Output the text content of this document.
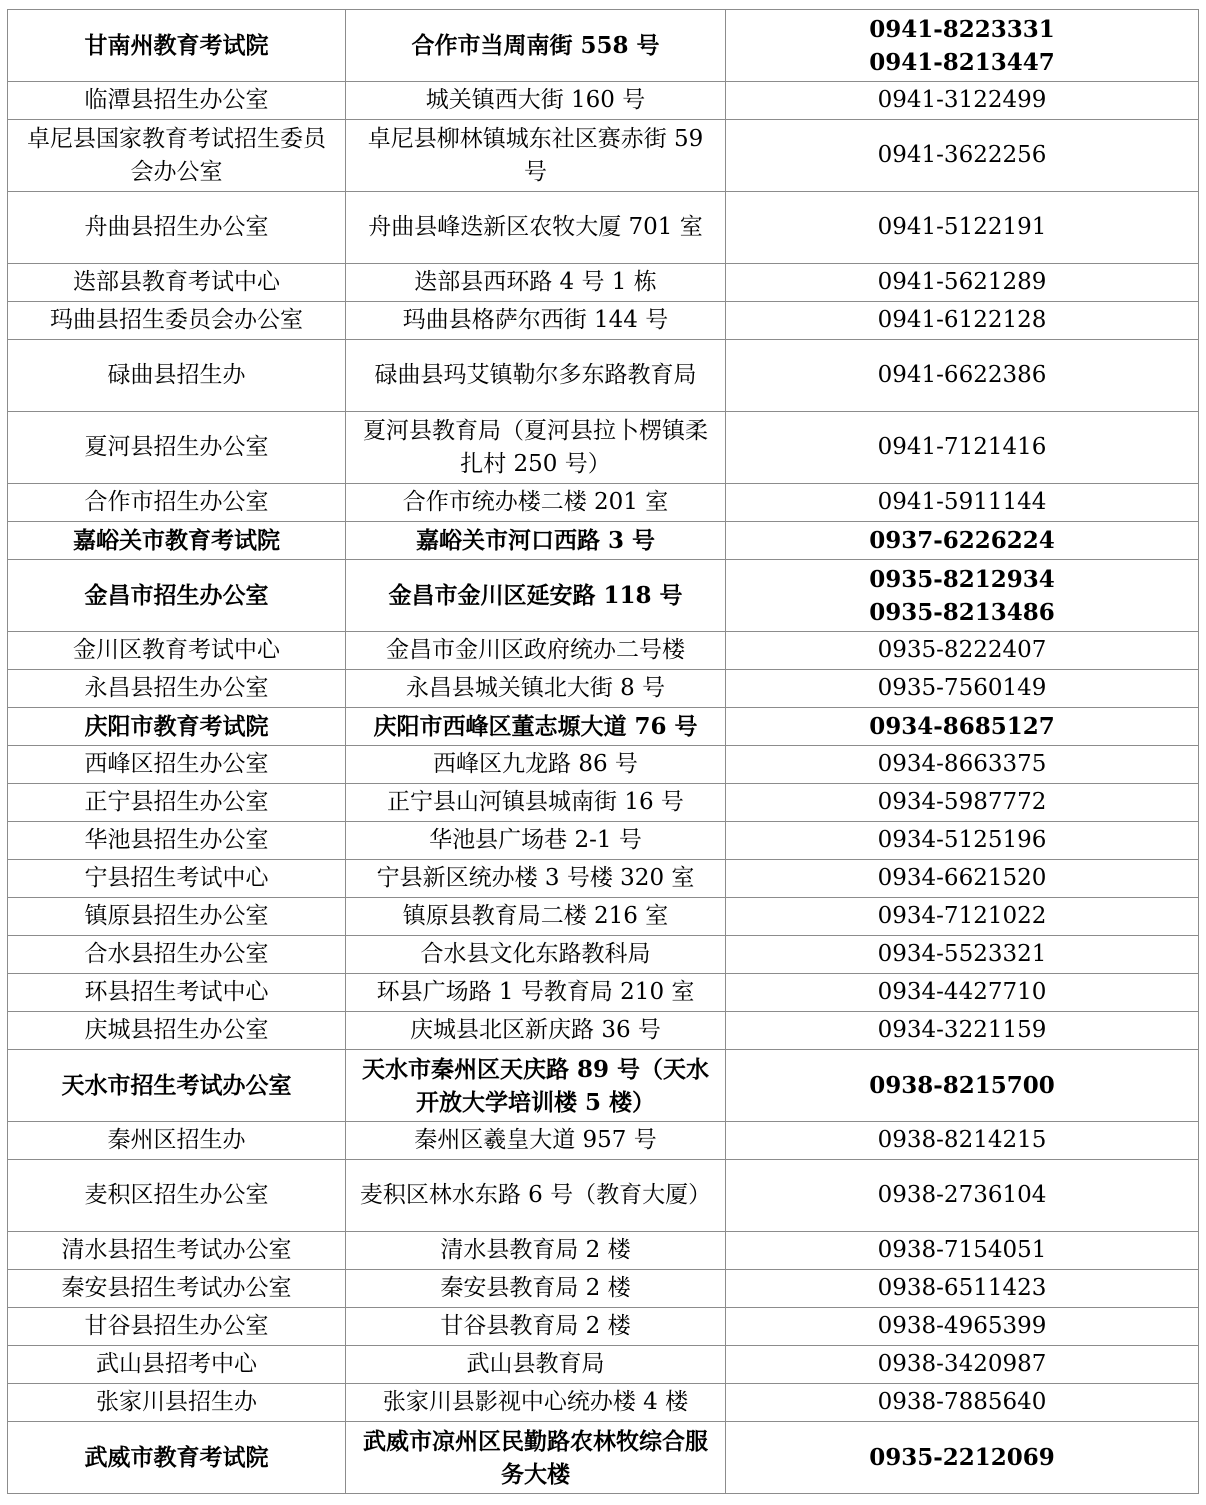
甘南州教育考试院	合作市当周南街 558 号	0941-8223331
0941-8213447

临潭县招生办公室	城关镇西大街 160 号	0941-3122499

卓尼县国家教育考试招生委员会办公室	卓尼县柳林镇城东社区赛赤街 59 号	0941-3622256

舟曲县招生办公室	舟曲县峰迭新区农牧大厦 701 室	0941-5122191

迭部县教育考试中心	迭部县西环路 4 号 1 栋	0941-5621289

玛曲县招生委员会办公室	玛曲县格萨尔西街 144 号	0941-6122128

碌曲县招生办	碌曲县玛艾镇勒尔多东路教育局	0941-6622386

夏河县招生办公室	夏河县教育局（夏河县拉卜楞镇柔扎村 250 号）	0941-7121416

合作市招生办公室	合作市统办楼二楼 201 室	0941-5911144

嘉峪关市教育考试院	嘉峪关市河口西路 3 号	0937-6226224

金昌市招生办公室	金昌市金川区延安路 118 号	0935-8212934
0935-8213486

金川区教育考试中心	金昌市金川区政府统办二号楼	0935-8222407

永昌县招生办公室	永昌县城关镇北大街 8 号	0935-7560149

庆阳市教育考试院	庆阳市西峰区董志塬大道 76 号	0934-8685127

西峰区招生办公室	西峰区九龙路 86 号	0934-8663375

正宁县招生办公室	正宁县山河镇县城南街 16 号	0934-5987772

华池县招生办公室	华池县广场巷 2-1 号	0934-5125196

宁县招生考试中心	宁县新区统办楼 3 号楼 320 室	0934-6621520

镇原县招生办公室	镇原县教育局二楼 216 室	0934-7121022

合水县招生办公室	合水县文化东路教科局	0934-5523321

环县招生考试中心	环县广场路 1 号教育局 210 室	0934-4427710

庆城县招生办公室	庆城县北区新庆路 36 号	0934-3221159

天水市招生考试办公室	天水市秦州区天庆路 89 号（天水开放大学培训楼 5 楼）	0938-8215700

秦州区招生办	秦州区羲皇大道 957 号	0938-8214215

麦积区招生办公室	麦积区林水东路 6 号（教育大厦）	0938-2736104

清水县招生考试办公室	清水县教育局 2 楼	0938-7154051

秦安县招生考试办公室	秦安县教育局 2 楼	0938-6511423

甘谷县招生办公室	甘谷县教育局 2 楼	0938-4965399

武山县招考中心	武山县教育局	0938-3420987

张家川县招生办	张家川县影视中心统办楼 4 楼	0938-7885640

武威市教育考试院	武威市凉州区民勤路农林牧综合服务大楼	0935-2212069
